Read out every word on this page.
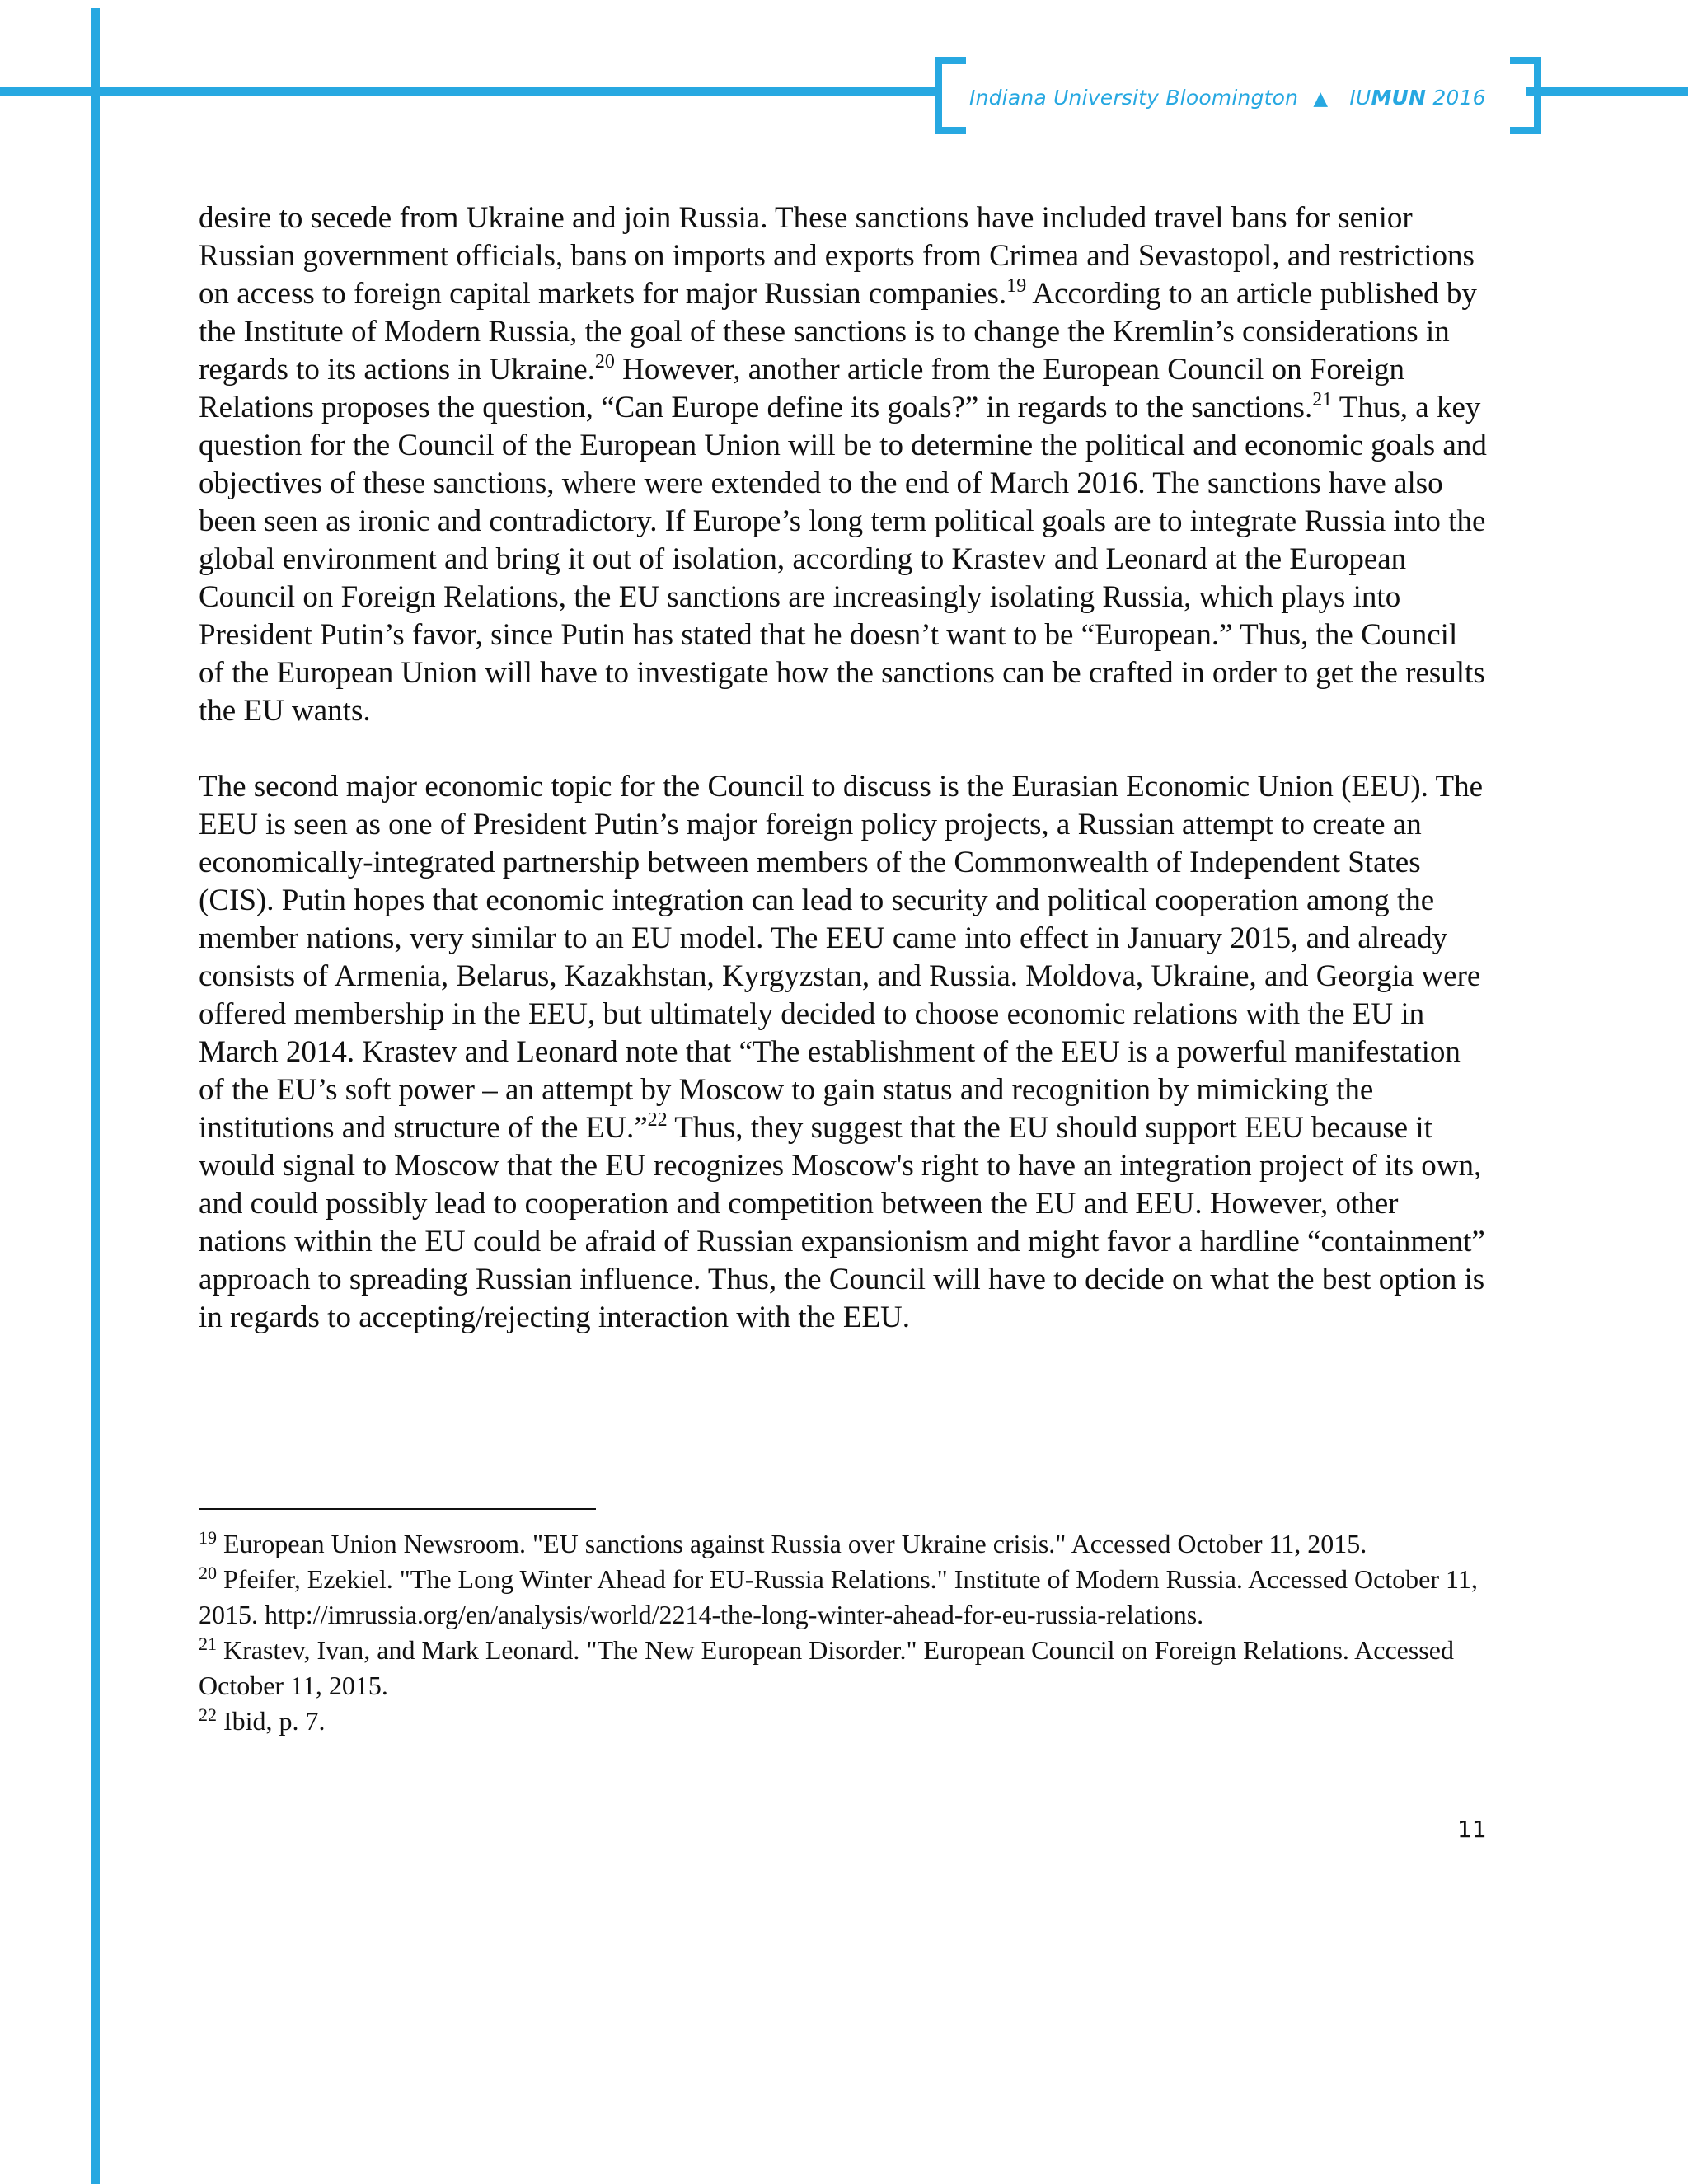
Indiana University Bloomington ▲ IUMUN 2016

desire to secede from Ukraine and join Russia. These sanctions have included travel bans for senior Russian government officials, bans on imports and exports from Crimea and Sevastopol, and restrictions on access to foreign capital markets for major Russian companies.$^{19}$ According to an article published by the Institute of Modern Russia, the goal of these sanctions is to change the Kremlin’s considerations in regards to its actions in Ukraine.$^{20}$ However, another article from the European Council on Foreign Relations proposes the question, “Can Europe define its goals?” in regards to the sanctions.$^{21}$ Thus, a key question for the Council of the European Union will be to determine the political and economic goals and objectives of these sanctions, where were extended to the end of March 2016. The sanctions have also been seen as ironic and contradictory. If Europe’s long term political goals are to integrate Russia into the global environment and bring it out of isolation, according to Krastev and Leonard at the European Council on Foreign Relations, the EU sanctions are increasingly isolating Russia, which plays into President Putin’s favor, since Putin has stated that he doesn’t want to be “European.” Thus, the Council of the European Union will have to investigate how the sanctions can be crafted in order to get the results the EU wants.

The second major economic topic for the Council to discuss is the Eurasian Economic Union (EEU). The EEU is seen as one of President Putin’s major foreign policy projects, a Russian attempt to create an economically-integrated partnership between members of the Commonwealth of Independent States (CIS). Putin hopes that economic integration can lead to security and political cooperation among the member nations, very similar to an EU model. The EEU came into effect in January 2015, and already consists of Armenia, Belarus, Kazakhstan, Kyrgyzstan, and Russia. Moldova, Ukraine, and Georgia were offered membership in the EEU, but ultimately decided to choose economic relations with the EU in March 2014. Krastev and Leonard note that “The establishment of the EEU is a powerful manifestation of the EU’s soft power – an attempt by Moscow to gain status and recognition by mimicking the institutions and structure of the EU.”$^{22}$ Thus, they suggest that the EU should support EEU because it would signal to Moscow that the EU recognizes Moscow's right to have an integration project of its own, and could possibly lead to cooperation and competition between the EU and EEU. However, other nations within the EU could be afraid of Russian expansionism and might favor a hardline “containment” approach to spreading Russian influence. Thus, the Council will have to decide on what the best option is in regards to accepting/rejecting interaction with the EEU.

$^{19}$ European Union Newsroom. "EU sanctions against Russia over Ukraine crisis." Accessed October 11, 2015.

$^{20}$ Pfeifer, Ezekiel. "The Long Winter Ahead for EU-Russia Relations." Institute of Modern Russia. Accessed October 11, 2015. http://imrussia.org/en/analysis/world/2214-the-long-winter-ahead-for-eu-russia-relations.

$^{21}$ Krastev, Ivan, and Mark Leonard. "The New European Disorder." European Council on Foreign Relations. Accessed October 11, 2015.

$^{22}$ Ibid, p. 7.

11
